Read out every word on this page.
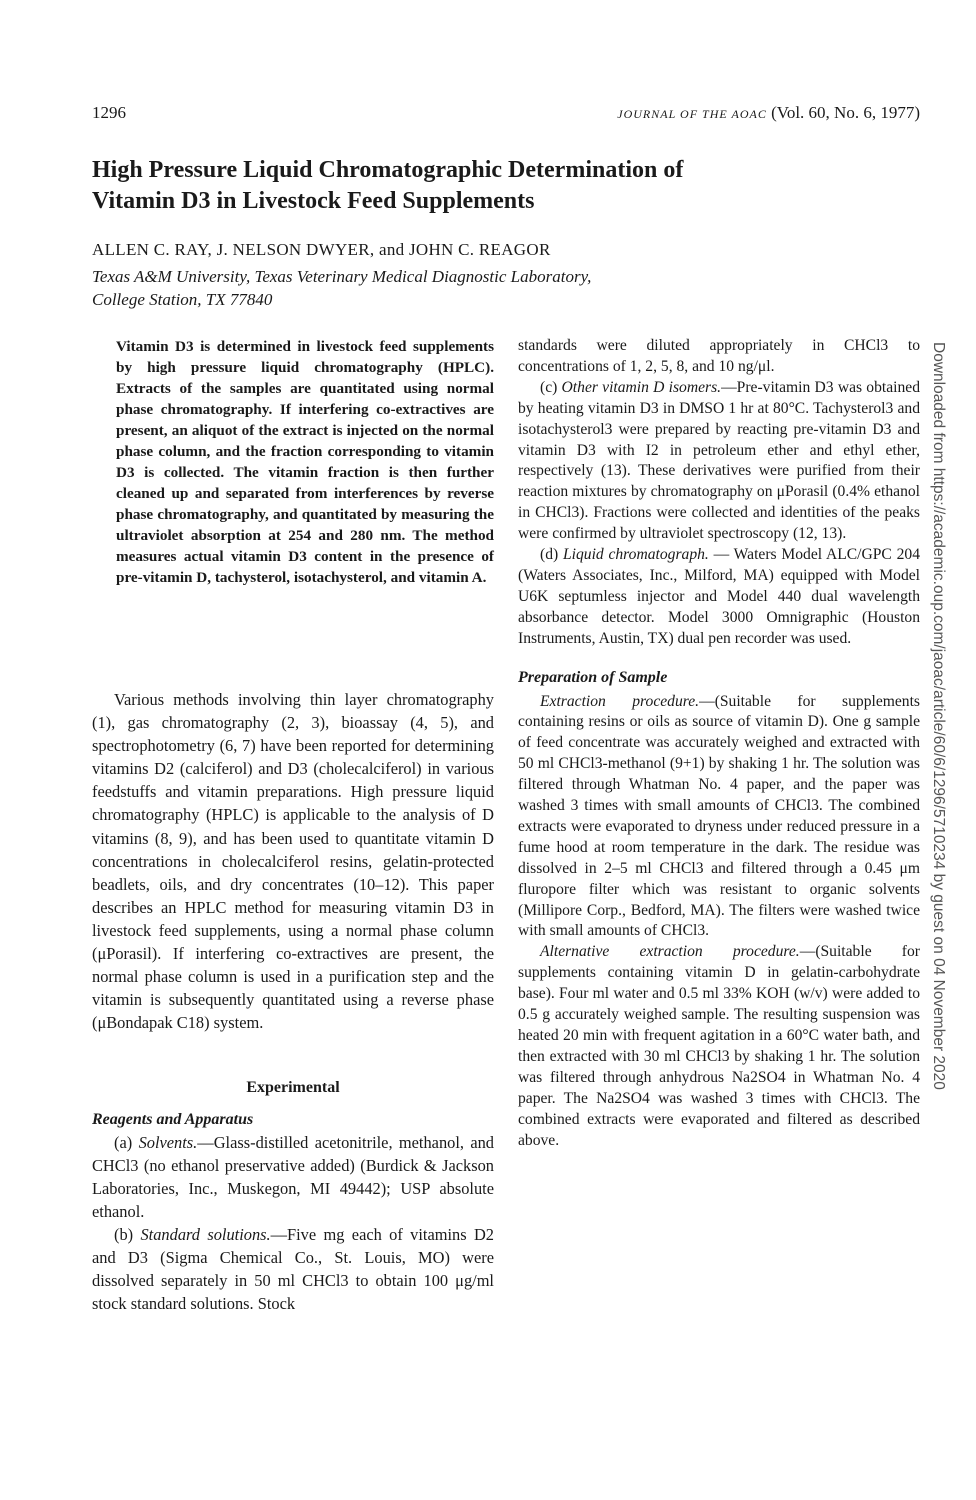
1296	JOURNAL OF THE AOAC (Vol. 60, No. 6, 1977)
High Pressure Liquid Chromatographic Determination of
Vitamin D3 in Livestock Feed Supplements
ALLEN C. RAY, J. NELSON DWYER, and JOHN C. REAGOR
Texas A&M University, Texas Veterinary Medical Diagnostic Laboratory,
College Station, TX 77840

Vitamin D3 is determined in livestock feed supplements by high pressure liquid chromatography (HPLC). Extracts of the samples are quantitated using normal phase chromatography. If interfering co-extractives are present, an aliquot of the extract is injected on the normal phase column, and the fraction corresponding to vitamin D3 is collected. The vitamin fraction is then further cleaned up and separated from interferences by reverse phase chromatography, and quantitated by measuring the ultraviolet absorption at 254 and 280 nm. The method measures actual vitamin D3 content in the presence of pre-vitamin D, tachysterol, isotachysterol, and vitamin A.

Various methods involving thin layer chromatography (1), gas chromatography (2, 3), bioassay (4, 5), and spectrophotometry (6, 7) have been reported for determining vitamins D2 (calciferol) and D3 (cholecalciferol) in various feedstuffs and vitamin preparations. High pressure liquid chromatography (HPLC) is applicable to the analysis of D vitamins (8, 9), and has been used to quantitate vitamin D concentrations in cholecalciferol resins, gelatin-protected beadlets, oils, and dry concentrates (10–12). This paper describes an HPLC method for measuring vitamin D3 in livestock feed supplements, using a normal phase column (μPorasil). If interfering co-extractives are present, the normal phase column is used in a purification step and the vitamin is subsequently quantitated using a reverse phase (μBondapak C18) system.

Experimental
Reagents and Apparatus

(a) Solvents.—Glass-distilled acetonitrile, methanol, and CHCl3 (no ethanol preservative added) (Burdick & Jackson Laboratories, Inc., Muskegon, MI 49442); USP absolute ethanol.

(b) Standard solutions.—Five mg each of vitamins D2 and D3 (Sigma Chemical Co., St. Louis, MO) were dissolved separately in 50 ml CHCl3 to obtain 100 μg/ml stock standard solutions. Stock

standards were diluted appropriately in CHCl3 to concentrations of 1, 2, 5, 8, and 10 ng/μl.

(c) Other vitamin D isomers.—Pre-vitamin D3 was obtained by heating vitamin D3 in DMSO 1 hr at 80°C. Tachysterol3 and isotachysterol3 were prepared by reacting pre-vitamin D3 and vitamin D3 with I2 in petroleum ether and ethyl ether, respectively (13). These derivatives were purified from their reaction mixtures by chromatography on μPorasil (0.4% ethanol in CHCl3). Fractions were collected and identities of the peaks were confirmed by ultraviolet spectroscopy (12, 13).

(d) Liquid chromatograph. — Waters Model ALC/GPC 204 (Waters Associates, Inc., Milford, MA) equipped with Model U6K septumless injector and Model 440 dual wavelength absorbance detector. Model 3000 Omnigraphic (Houston Instruments, Austin, TX) dual pen recorder was used.

Preparation of Sample

Extraction procedure.—(Suitable for supplements containing resins or oils as source of vitamin D). One g sample of feed concentrate was accurately weighed and extracted with 50 ml CHCl3-methanol (9+1) by shaking 1 hr. The solution was filtered through Whatman No. 4 paper, and the paper was washed 3 times with small amounts of CHCl3. The combined extracts were evaporated to dryness under reduced pressure in a fume hood at room temperature in the dark. The residue was dissolved in 2–5 ml CHCl3 and filtered through a 0.45 μm fluropore filter which was resistant to organic solvents (Millipore Corp., Bedford, MA). The filters were washed twice with small amounts of CHCl3.

Alternative extraction procedure.—(Suitable for supplements containing vitamin D in gelatin-carbohydrate base). Four ml water and 0.5 ml 33% KOH (w/v) were added to 0.5 g accurately weighed sample. The resulting suspension was heated 20 min with frequent agitation in a 60°C water bath, and then extracted with 30 ml CHCl3 by shaking 1 hr. The solution was filtered through anhydrous Na2SO4 in Whatman No. 4 paper. The Na2SO4 was washed 3 times with CHCl3. The combined extracts were evaporated and filtered as described above.

Downloaded from https://academic.oup.com/jaoac/article/60/6/1296/5710234 by guest on 04 November 2020
